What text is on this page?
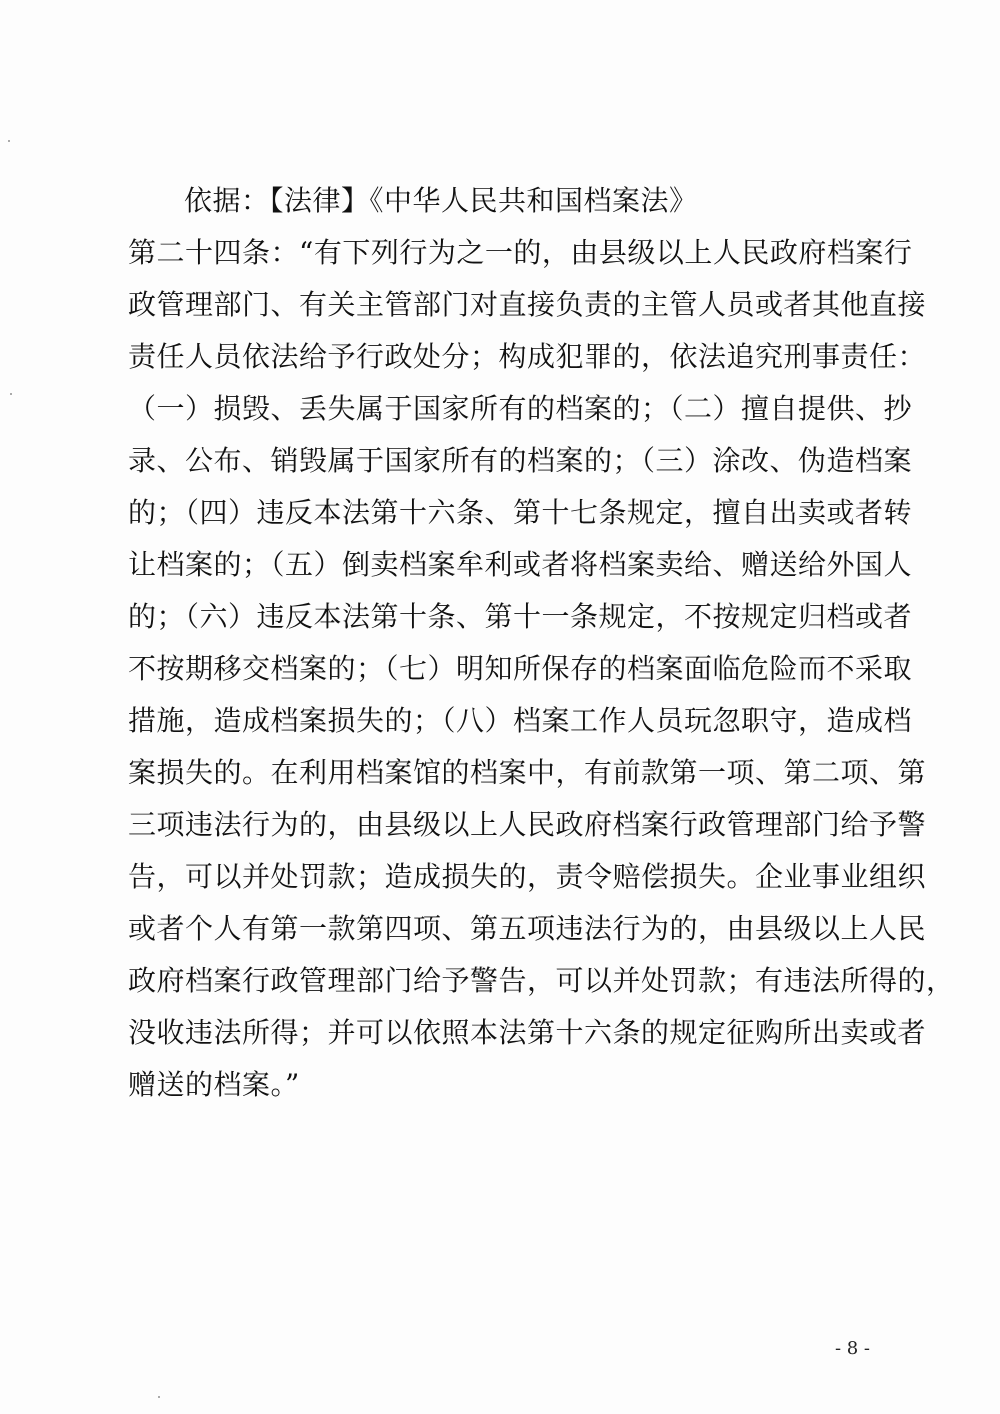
依据：【法律】《中华人民共和国档案法》
第二十四条：“有下列行为之一的，由县级以上人民政府档案行
政管理部门、有关主管部门对直接负责的主管人员或者其他直接
责任人员依法给予行政处分；构成犯罪的，依法追究刑事责任：
（一）损毁、丢失属于国家所有的档案的；（二）擅自提供、抄
录、公布、销毁属于国家所有的档案的；（三）涂改、伪造档案
的；（四）违反本法第十六条、第十七条规定，擅自出卖或者转
让档案的；（五）倒卖档案牟利或者将档案卖给、赠送给外国人
的；（六）违反本法第十条、第十一条规定，不按规定归档或者
不按期移交档案的；（七）明知所保存的档案面临危险而不采取
措施，造成档案损失的；（八）档案工作人员玩忽职守，造成档
案损失的。在利用档案馆的档案中，有前款第一项、第二项、第
三项违法行为的，由县级以上人民政府档案行政管理部门给予警
告，可以并处罚款；造成损失的，责令赔偿损失。企业事业组织
或者个人有第一款第四项、第五项违法行为的，由县级以上人民
政府档案行政管理部门给予警告，可以并处罚款；有违法所得的，
没收违法所得；并可以依照本法第十六条的规定征购所出卖或者
赠送的档案。”
- 8 -
